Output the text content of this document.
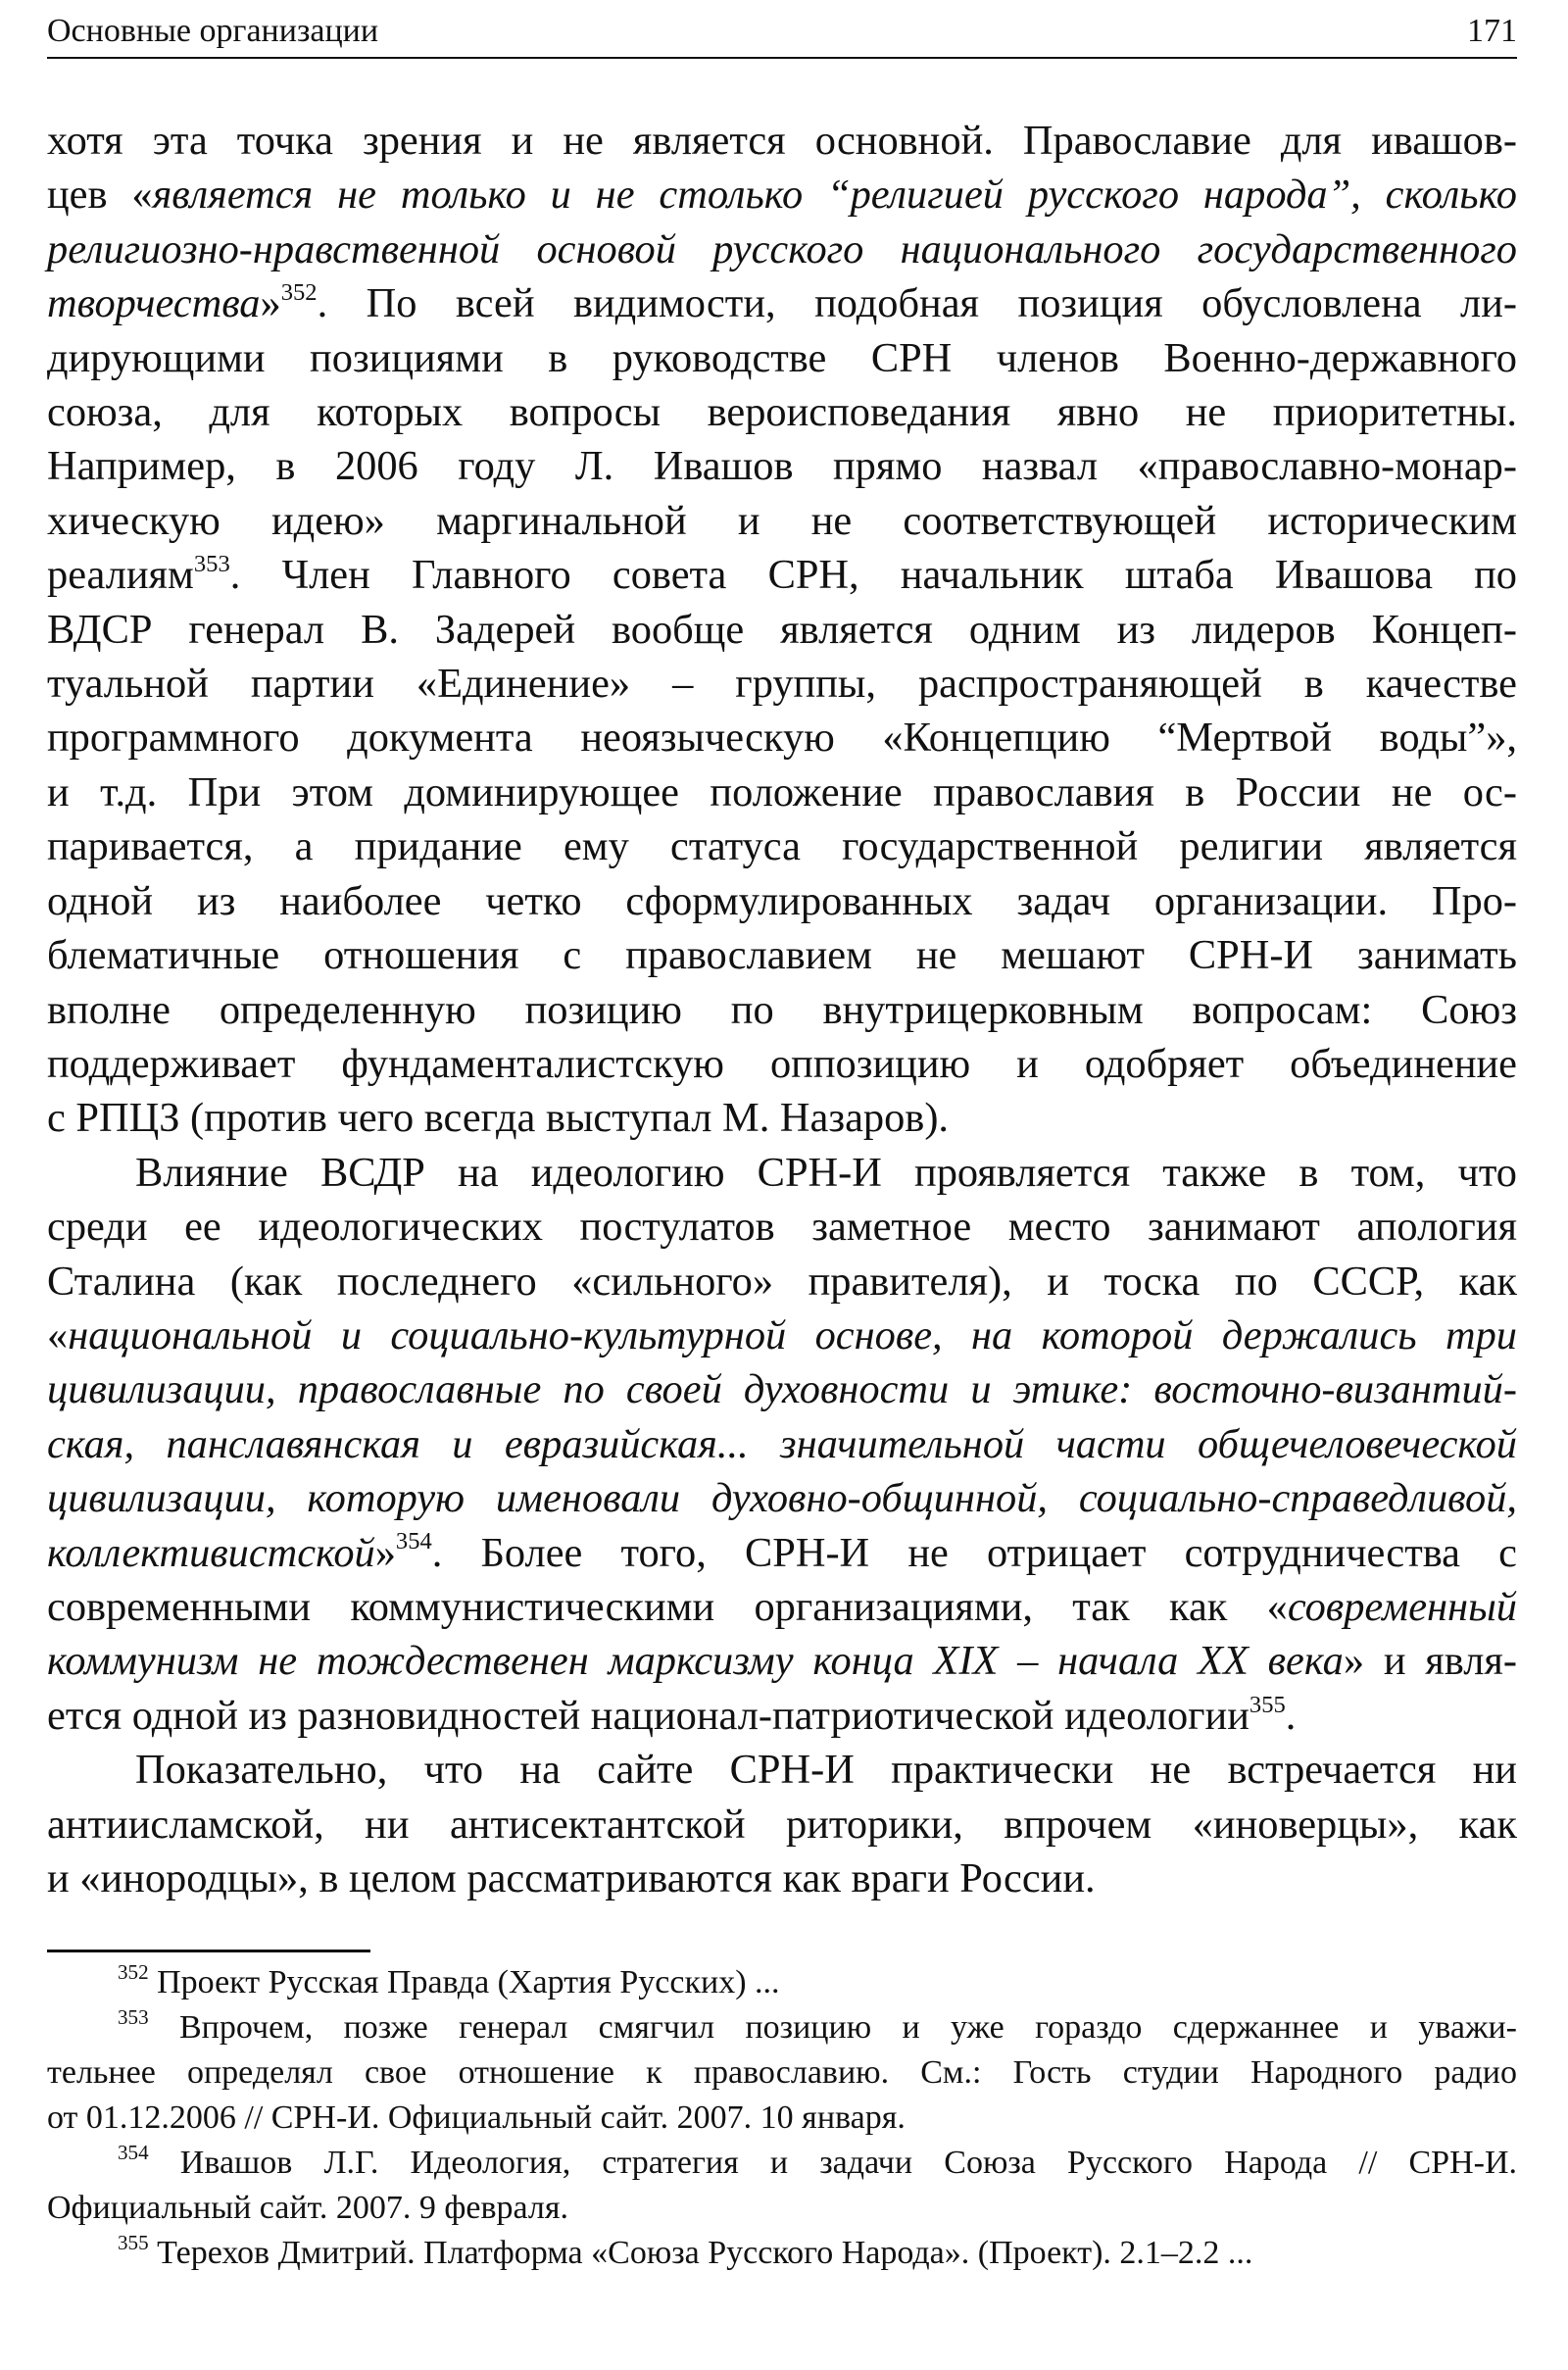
Основные организации	171
хотя эта точка зрения и не является основной. Православие для ивашов-
цев «является не только и не столько “религией русского народа”, сколько
религиозно-нравственной основой русского национального государственного
творчества»$^{352}$. По всей видимости, подобная позиция обусловлена ли-
дирующими позициями в руководстве СРН членов Военно-державного
союза, для которых вопросы вероисповедания явно не приоритетны.
Например, в 2006 году Л. Ивашов прямо назвал «православно-монар-
хическую идею» маргинальной и не соответствующей историческим
реалиям$^{353}$. Член Главного совета СРН, начальник штаба Ивашова по
ВДСР генерал В. Задерей вообще является одним из лидеров Концеп-
туальной партии «Единение» – группы, распространяющей в качестве
программного документа неоязыческую «Концепцию “Мертвой воды”»,
и т.д. При этом доминирующее положение православия в России не ос-
паривается, а придание ему статуса государственной религии является
одной из наиболее четко сформулированных задач организации. Про-
блематичные отношения с православием не мешают СРН-И занимать
вполне определенную позицию по внутрицерковным вопросам: Союз
поддерживает фундаменталистскую оппозицию и одобряет объединение
с РПЦЗ (против чего всегда выступал М. Назаров).
Влияние ВСДР на идеологию СРН-И проявляется также в том, что
среди ее идеологических постулатов заметное место занимают апология
Сталина (как последнего «сильного» правителя), и тоска по СССР, как
«национальной и социально-культурной основе, на которой держались три
цивилизации, православные по своей духовности и этике: восточно-византий-
ская, панславянская и евразийская... значительной части общечеловеческой
цивилизации, которую именовали духовно-общинной, социально-справедливой,
коллективистской»$^{354}$. Более того, СРН-И не отрицает сотрудничества с
современными коммунистическими организациями, так как «современный
коммунизм не тождественен марксизму конца XIX – начала XX века» и явля-
ется одной из разновидностей национал-патриотической идеологии$^{355}$.
Показательно, что на сайте СРН-И практически не встречается ни
антиисламской, ни антисектантской риторики, впрочем «иноверцы», как
и «инородцы», в целом рассматриваются как враги России.
$^{352}$ Проект Русская Правда (Хартия Русских) ...
$^{353}$ Впрочем, позже генерал смягчил позицию и уже гораздо сдержаннее и уважи-
тельнее определял свое отношение к православию. См.: Гость студии Народного радио
от 01.12.2006 // СРН-И. Официальный сайт. 2007. 10 января.
$^{354}$ Ивашов Л.Г. Идеология, стратегия и задачи Союза Русского Народа // СРН-И.
Официальный сайт. 2007. 9 февраля.
$^{355}$ Терехов Дмитрий. Платформа «Союза Русского Народа». (Проект). 2.1–2.2 ...
